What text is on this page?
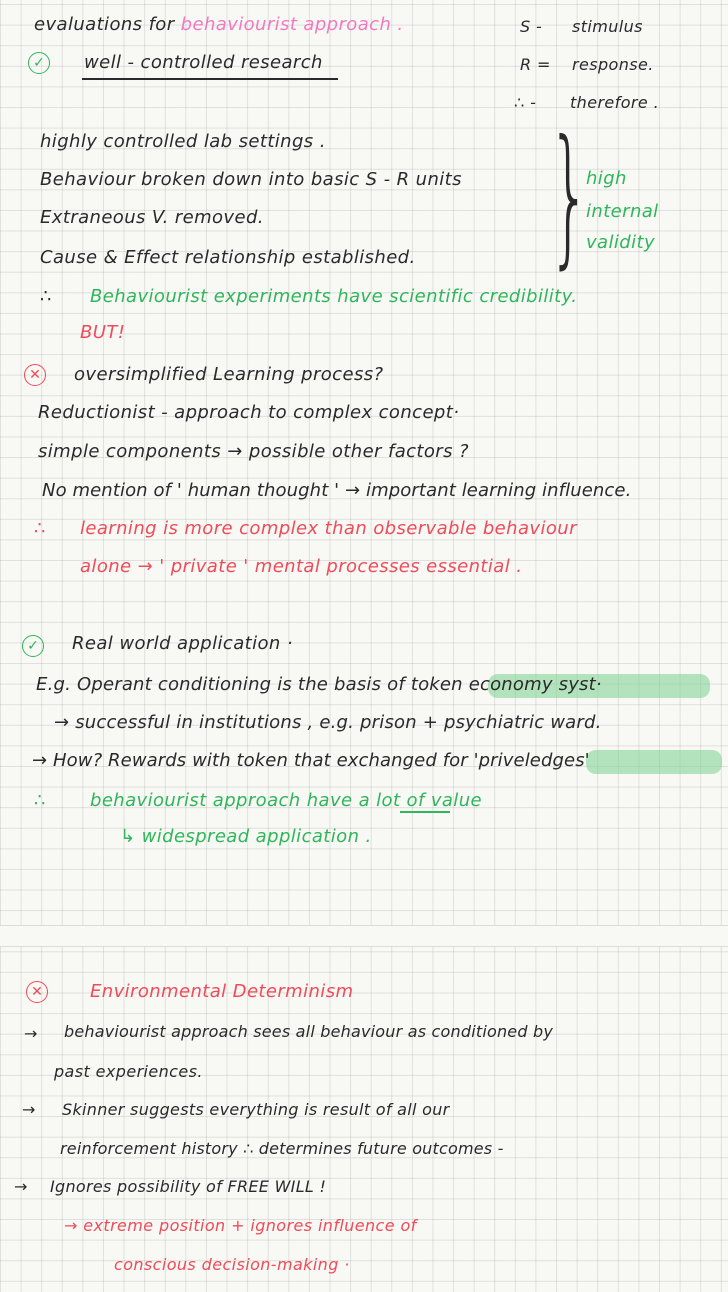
evaluations for behaviourist approach .	S - stimulus
R = response.
∴ - therefore .
✓ well - controlled research
highly controlled lab settings .
Behaviour broken down into basic S - R units
Extraneous V. removed.
Cause & Effect relationship established. }
high
internal
validity
∴ Behaviourist experiments have scientific credibility.
BUT!
✕ oversimplified Learning process?
Reductionist - approach to complex concept·
simple components → possible other factors ?
No mention of ' human thought ' → important learning influence.
∴ learning is more complex than observable behaviour
alone → ' private ' mental processes essential .
✓ Real world application ·
E.g. Operant conditioning is the basis of token economy syst·
→ successful in institutions , e.g. prison + psychiatric ward.
→ How? Rewards with token that exchanged for 'priveledges'
∴ behaviourist approach have a lot of value
↳ widespread application .
✕	Environmental Determinism
→ behaviourist approach sees all behaviour as conditioned by
past experiences.
→ Skinner suggests everything is result of all our
reinforcement history ∴ determines future outcomes -
→ Ignores possibility of FREE WILL !
→ extreme position + ignores influence of
conscious decision-making ·
